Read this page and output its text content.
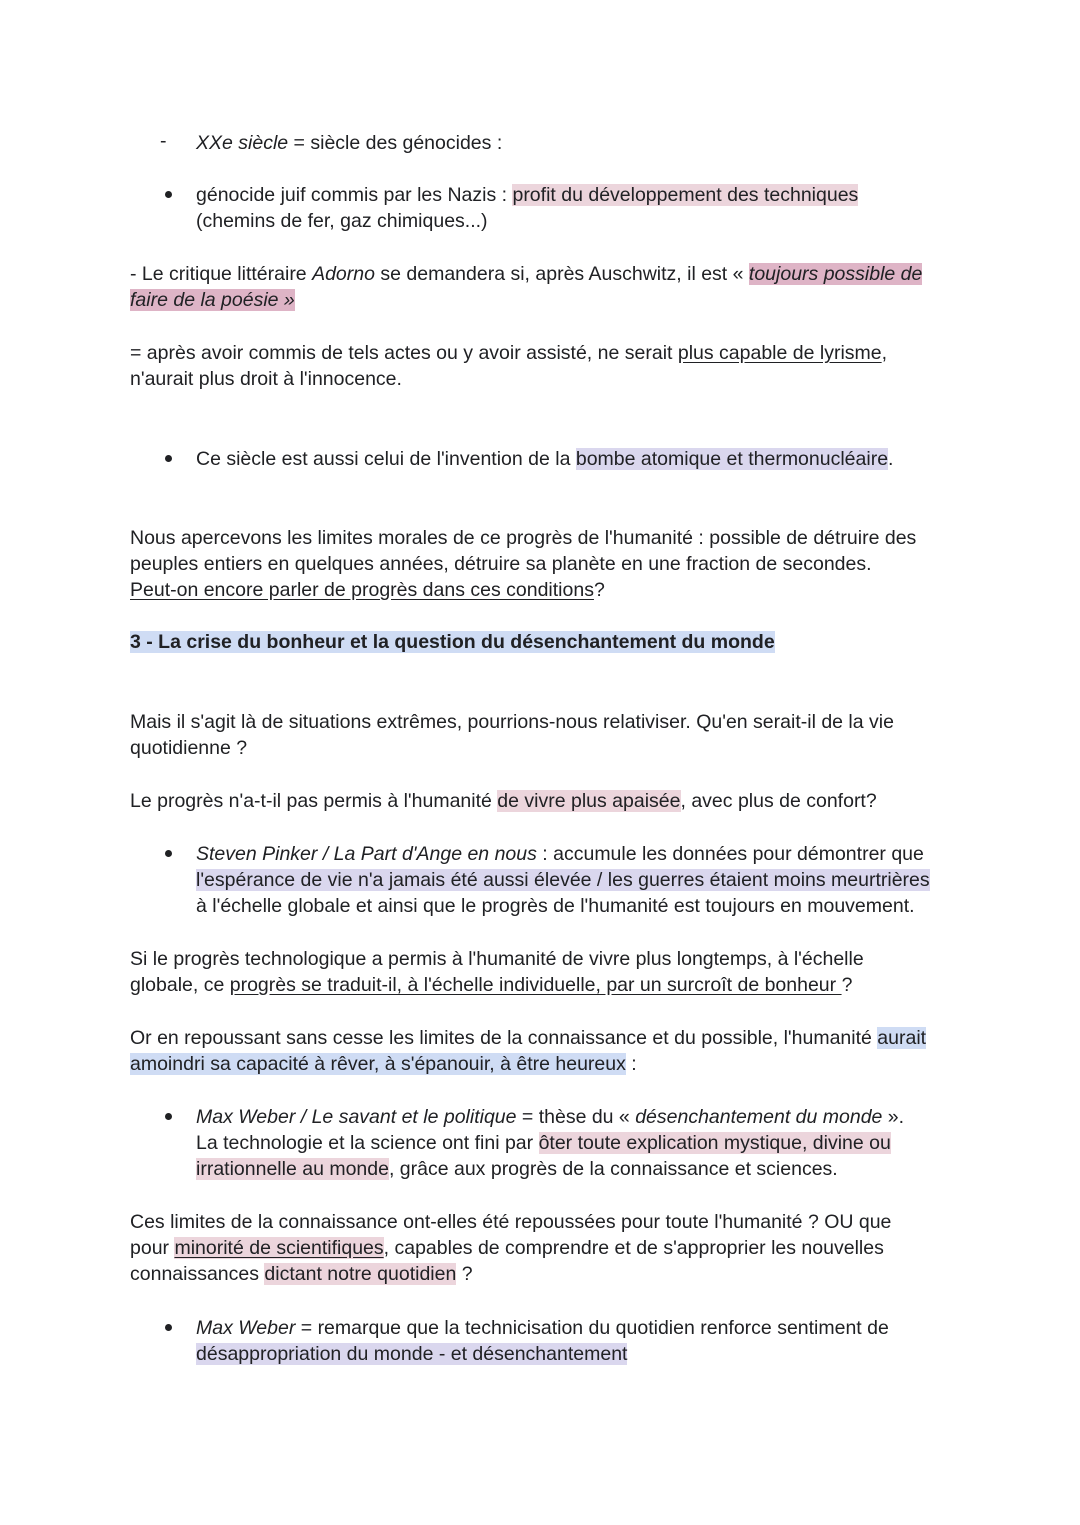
- XXe siècle = siècle des génocides :
génocide juif commis par les Nazis : profit du développement des techniques
(chemins de fer, gaz chimiques...)
- Le critique littéraire Adorno se demandera si, après Auschwitz, il est « toujours possible de
faire de la poésie »
= après avoir commis de tels actes ou y avoir assisté, ne serait plus capable de lyrisme,
n'aurait plus droit à l'innocence.
Ce siècle est aussi celui de l'invention de la bombe atomique et thermonucléaire.
Nous apercevons les limites morales de ce progrès de l'humanité : possible de détruire des
peuples entiers en quelques années, détruire sa planète en une fraction de secondes.
Peut-on encore parler de progrès dans ces conditions?
3 - La crise du bonheur et la question du désenchantement du monde
Mais il s'agit là de situations extrêmes, pourrions-nous relativiser. Qu'en serait-il de la vie
quotidienne ?
Le progrès n'a-t-il pas permis à l'humanité de vivre plus apaisée, avec plus de confort?
Steven Pinker / La Part d'Ange en nous : accumule les données pour démontrer que
l'espérance de vie n'a jamais été aussi élevée / les guerres étaient moins meurtrières
à l'échelle globale et ainsi que le progrès de l'humanité est toujours en mouvement.
Si le progrès technologique a permis à l'humanité de vivre plus longtemps, à l'échelle
globale, ce progrès se traduit-il, à l'échelle individuelle, par un surcroît de bonheur ?
Or en repoussant sans cesse les limites de la connaissance et du possible, l'humanité aurait
amoindri sa capacité à rêver, à s'épanouir, à être heureux :
Max Weber / Le savant et le politique = thèse du « désenchantement du monde ».
La technologie et la science ont fini par ôter toute explication mystique, divine ou
irrationnelle au monde, grâce aux progrès de la connaissance et sciences.
Ces limites de la connaissance ont-elles été repoussées pour toute l'humanité ? OU que
pour minorité de scientifiques, capables de comprendre et de s'approprier les nouvelles
connaissances dictant notre quotidien ?
Max Weber = remarque que la technicisation du quotidien renforce sentiment de
désappropriation du monde - et désenchantement
